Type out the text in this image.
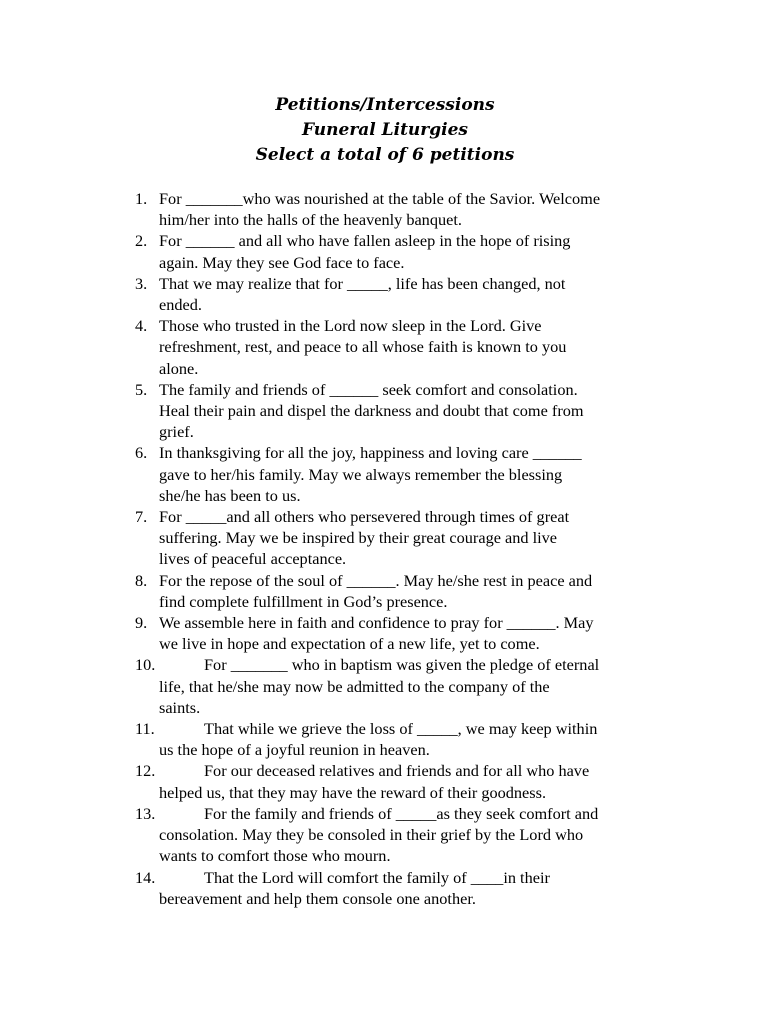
Petitions/Intercessions
Funeral Liturgies
Select a total of 6 petitions
1. For _______who was nourished at the table of the Savior. Welcome
him/her into the halls of the heavenly banquet.
2. For ______ and all who have fallen asleep in the hope of rising
again. May they see God face to face.
3. That we may realize that for _____, life has been changed, not
ended.
4. Those who trusted in the Lord now sleep in the Lord. Give
refreshment, rest, and peace to all whose faith is known to you
alone.
5. The family and friends of ______ seek comfort and consolation.
Heal their pain and dispel the darkness and doubt that come from
grief.
6. In thanksgiving for all the joy, happiness and loving care ______
gave to her/his family. May we always remember the blessing
she/he has been to us.
7. For _____and all others who persevered through times of great
suffering. May we be inspired by their great courage and live
lives of peaceful acceptance.
8. For the repose of the soul of ______. May he/she rest in peace and
find complete fulfillment in God’s presence.
9. We assemble here in faith and confidence to pray for ______. May
we live in hope and expectation of a new life, yet to come.
10.	For _______ who in baptism was given the pledge of eternal
life, that he/she may now be admitted to the company of the
saints.
11.	That while we grieve the loss of _____, we may keep within
us the hope of a joyful reunion in heaven.
12.	For our deceased relatives and friends and for all who have
helped us, that they may have the reward of their goodness.
13.	For the family and friends of _____as they seek comfort and
consolation. May they be consoled in their grief by the Lord who
wants to comfort those who mourn.
14.	That the Lord will comfort the family of ____in their
bereavement and help them console one another.
